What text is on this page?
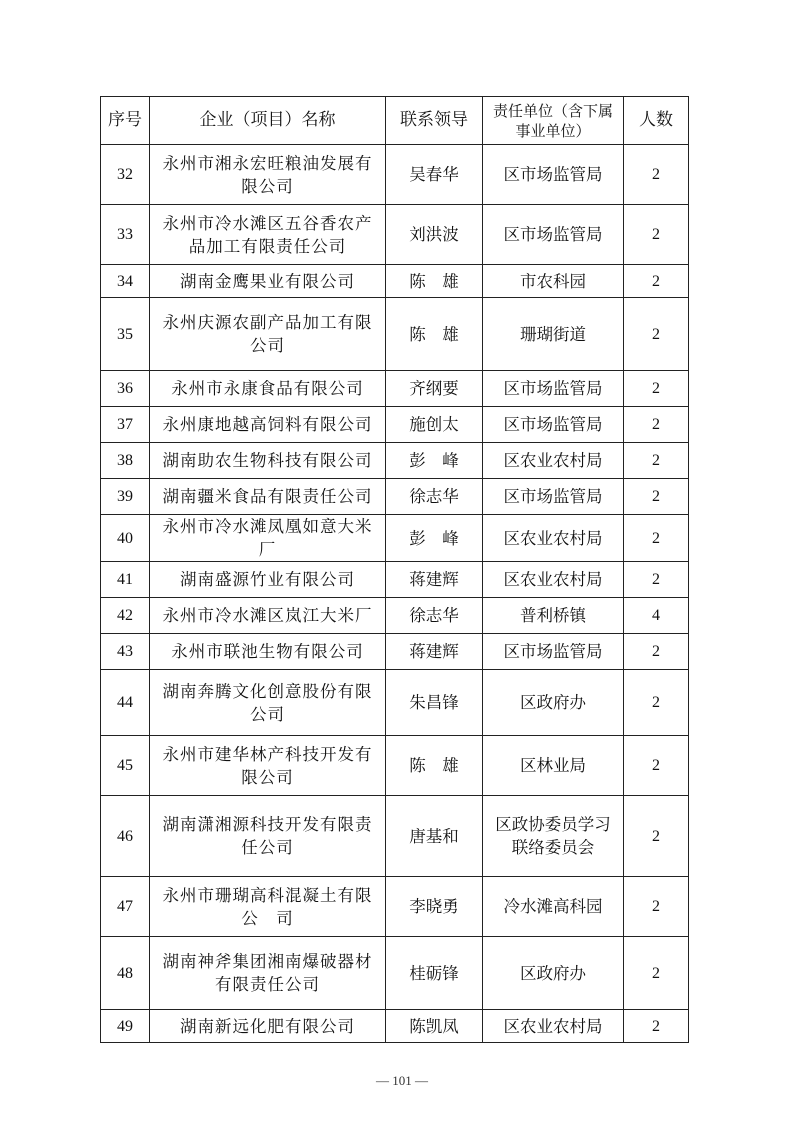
序号	企业（项目）名称	联系领导	责任单位（含下属事业单位）	人数
32	永州市湘永宏旺粮油发展有限公司	吴春华	区市场监管局	2
33	永州市冷水滩区五谷香农产品加工有限责任公司	刘洪波	区市场监管局	2
34	湖南金鹰果业有限公司	陈　雄	市农科园	2
35	永州庆源农副产品加工有限公司	陈　雄	珊瑚街道	2
36	永州市永康食品有限公司	齐纲要	区市场监管局	2
37	永州康地越高饲料有限公司	施创太	区市场监管局	2
38	湖南助农生物科技有限公司	彭　峰	区农业农村局	2
39	湖南疆米食品有限责任公司	徐志华	区市场监管局	2
40	永州市冷水滩凤凰如意大米厂	彭　峰	区农业农村局	2
41	湖南盛源竹业有限公司	蒋建辉	区农业农村局	2
42	永州市冷水滩区岚江大米厂	徐志华	普利桥镇	4
43	永州市联池生物有限公司	蒋建辉	区市场监管局	2
44	湖南奔腾文化创意股份有限公司	朱昌锋	区政府办	2
45	永州市建华林产科技开发有限公司	陈　雄	区林业局	2
46	湖南潇湘源科技开发有限责任公司	唐基和	区政协委员学习 联络委员会	2
47	永州市珊瑚高科混凝土有限　公　司	李晓勇	冷水滩高科园	2
48	湖南神斧集团湘南爆破器材有限责任公司	桂砺锋	区政府办	2
49	湖南新远化肥有限公司	陈凯凤	区农业农村局	2
— 101 —
